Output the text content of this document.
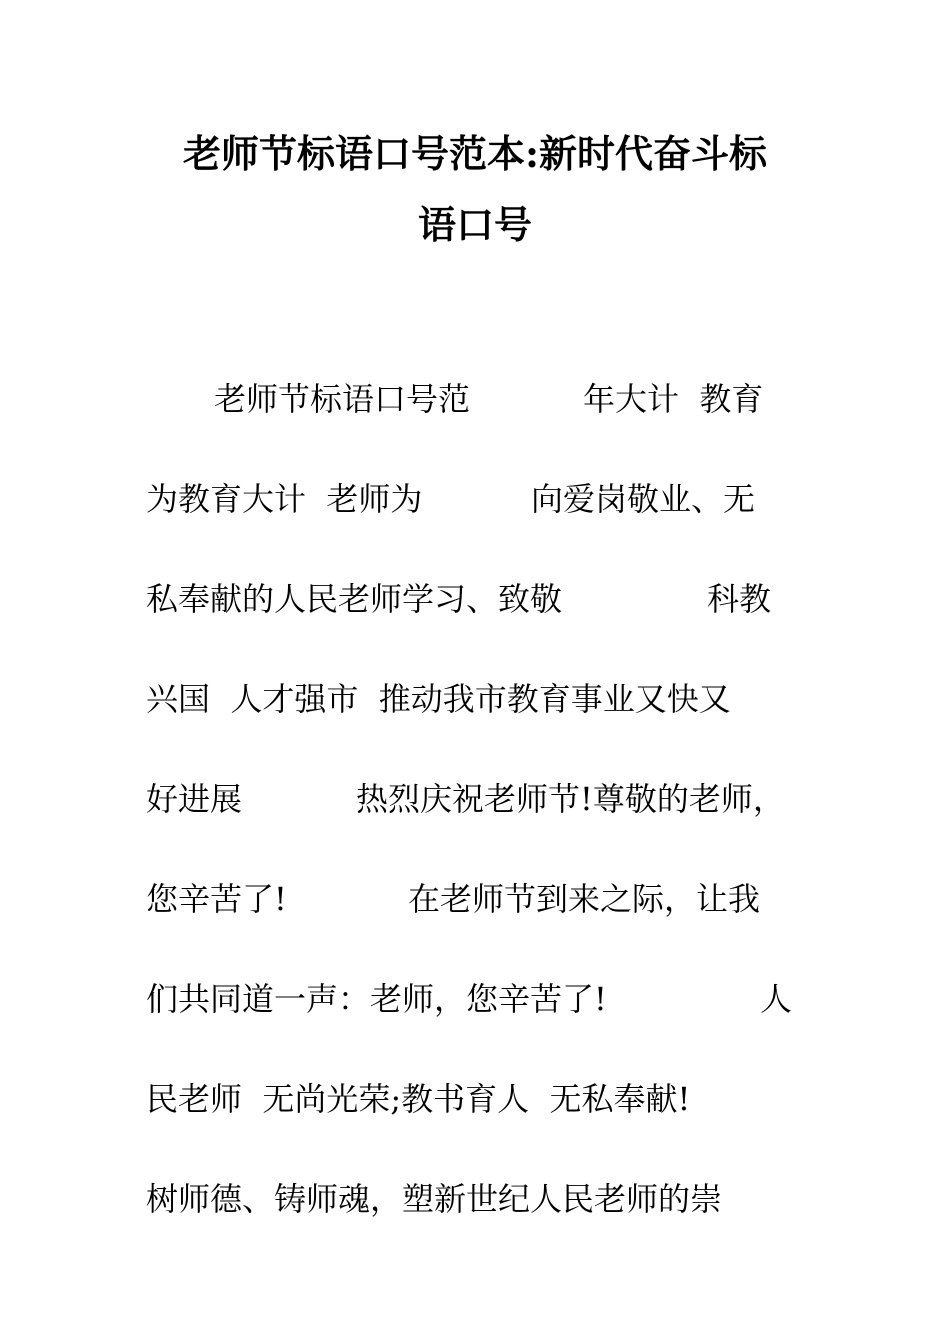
老师节标语口号范本:新时代奋斗标
语口号
老师节标语口号范	年大计  教育
为教育大计  老师为	向爱岗敬业、无
私奉献的人民老师学习、致敬	科教
兴国  人才强市  推动我市教育事业又快又
好进展	热烈庆祝老师节!尊敬的老师，
您辛苦了!	在老师节到来之际，让我
们共同道一声：老师，您辛苦了!	人
民老师  无尚光荣;教书育人  无私奉献!
树师德、铸师魂，塑新世纪人民老师的崇
